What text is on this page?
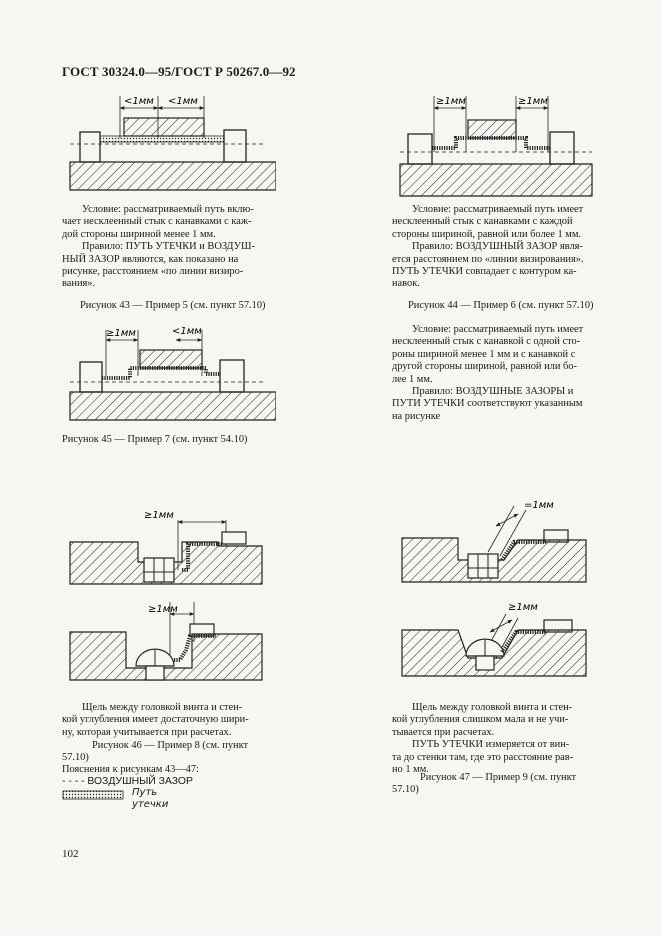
ГОСТ 30324.0—95/ГОСТ Р 50267.0—92
<1мм <1мм	≥1мм	≥1мм

Условие: рассматриваемый путь вклю-

чает несклеенный стык с канавками с каж-

дой стороны шириной менее 1 мм.

Правило: ПУТЬ УТЕЧКИ и ВОЗДУШ-

НЫЙ ЗАЗОР являются, как показано на

рисунке, расстоянием «по линии визиро-

вания».

Условие: рассматриваемый путь имеет

несклеенный стык с канавками с каждой

стороны шириной, равной или более 1 мм.

Правило: ВОЗДУШНЫЙ ЗАЗОР явля-

ется расстоянием по «линии визирования».

ПУТЬ УТЕЧКИ совпадает с контуром ка-

навок.

Рисунок 43 — Пример 5 (см. пункт 57.10)	Рисунок 44 — Пример 6 (см. пункт 57.10)
≥1мм	<1мм	Условие: рассматриваемый путь имеет

несклеенный стык с канавкой с одной сто-

роны шириной менее 1 мм и с канавкой с

другой стороны шириной, равной или бо-

лее 1 мм.

Правило: ВОЗДУШНЫЕ ЗАЗОРЫ и

ПУТИ УТЕЧКИ соответствуют указанным

на рисунке

Рисунок 45 — Пример 7 (см. пункт 54.10)
≥1мм
≥1мм
=1мм
≥1мм

Щель между головкой винта и стен-

кой углубления имеет достаточную шири-

ну, которая учитывается при расчетах.

Щель между головкой винта и стен-

кой углубления слишком мала и не учи-

тывается при расчетах.

ПУТЬ УТЕЧКИ измеряется от вин-

та до стенки там, где это расстояние рав-

но 1 мм.

Рисунок 46 — Пример 8 (см. пункт
57.10)
Рисунок 47 — Пример 9 (см. пункт
57.10)
Пояснения к рисункам 43—47:
- - - - ВОЗДУШНЫЙ ЗАЗОР
Путь
утечки
102
